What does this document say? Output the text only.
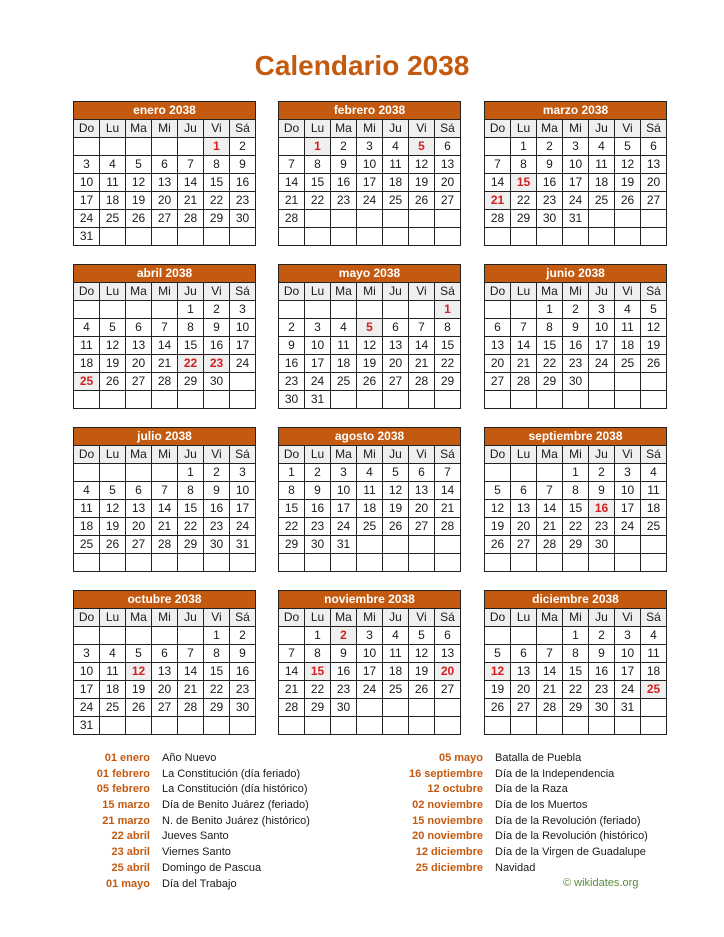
Calendario 2038
enero 2038						
Do	Lu	Ma	Mi	Ju	Vi	Sá
					1	2
3	4	5	6	7	8	9
10	11	12	13	14	15	16
17	18	19	20	21	22	23
24	25	26	27	28	29	30
31						
febrero 2038						
Do	Lu	Ma	Mi	Ju	Vi	Sá
	1	2	3	4	5	6
7	8	9	10	11	12	13
14	15	16	17	18	19	20
21	22	23	24	25	26	27
28						

marzo 2038						
Do	Lu	Ma	Mi	Ju	Vi	Sá
	1	2	3	4	5	6
7	8	9	10	11	12	13
14	15	16	17	18	19	20
21	22	23	24	25	26	27
28	29	30	31			

abril 2038						
Do	Lu	Ma	Mi	Ju	Vi	Sá
				1	2	3
4	5	6	7	8	9	10
11	12	13	14	15	16	17
18	19	20	21	22	23	24
25	26	27	28	29	30	

mayo 2038						
Do	Lu	Ma	Mi	Ju	Vi	Sá
						1
2	3	4	5	6	7	8
9	10	11	12	13	14	15
16	17	18	19	20	21	22
23	24	25	26	27	28	29
30	31					
junio 2038						
Do	Lu	Ma	Mi	Ju	Vi	Sá
		1	2	3	4	5
6	7	8	9	10	11	12
13	14	15	16	17	18	19
20	21	22	23	24	25	26
27	28	29	30			

julio 2038						
Do	Lu	Ma	Mi	Ju	Vi	Sá
				1	2	3
4	5	6	7	8	9	10
11	12	13	14	15	16	17
18	19	20	21	22	23	24
25	26	27	28	29	30	31

agosto 2038						
Do	Lu	Ma	Mi	Ju	Vi	Sá
1	2	3	4	5	6	7
8	9	10	11	12	13	14
15	16	17	18	19	20	21
22	23	24	25	26	27	28
29	30	31				

septiembre 2038						
Do	Lu	Ma	Mi	Ju	Vi	Sá
			1	2	3	4
5	6	7	8	9	10	11
12	13	14	15	16	17	18
19	20	21	22	23	24	25
26	27	28	29	30		

octubre 2038						
Do	Lu	Ma	Mi	Ju	Vi	Sá
					1	2
3	4	5	6	7	8	9
10	11	12	13	14	15	16
17	18	19	20	21	22	23
24	25	26	27	28	29	30
31						
noviembre 2038						
Do	Lu	Ma	Mi	Ju	Vi	Sá
	1	2	3	4	5	6
7	8	9	10	11	12	13
14	15	16	17	18	19	20
21	22	23	24	25	26	27
28	29	30				

diciembre 2038						
Do	Lu	Ma	Mi	Ju	Vi	Sá
			1	2	3	4
5	6	7	8	9	10	11
12	13	14	15	16	17	18
19	20	21	22	23	24	25
26	27	28	29	30	31	

01 enero Año Nuevo
01 febrero La Constitución (día feriado)
05 febrero La Constitución (día histórico)
15 marzo Día de Benito Juárez (feriado)
21 marzo N. de Benito Juárez (histórico)
22 abril Jueves Santo
23 abril Viernes Santo
25 abril Domingo de Pascua
01 mayo Día del Trabajo
05 mayo Batalla de Puebla
16 septiembre Día de la Independencia
12 octubre Día de la Raza
02 noviembre Día de los Muertos
15 noviembre Día de la Revolución (feriado)
20 noviembre Día de la Revolución (histórico)
12 diciembre Día de la Virgen de Guadalupe
25 diciembre Navidad
© wikidates.org
